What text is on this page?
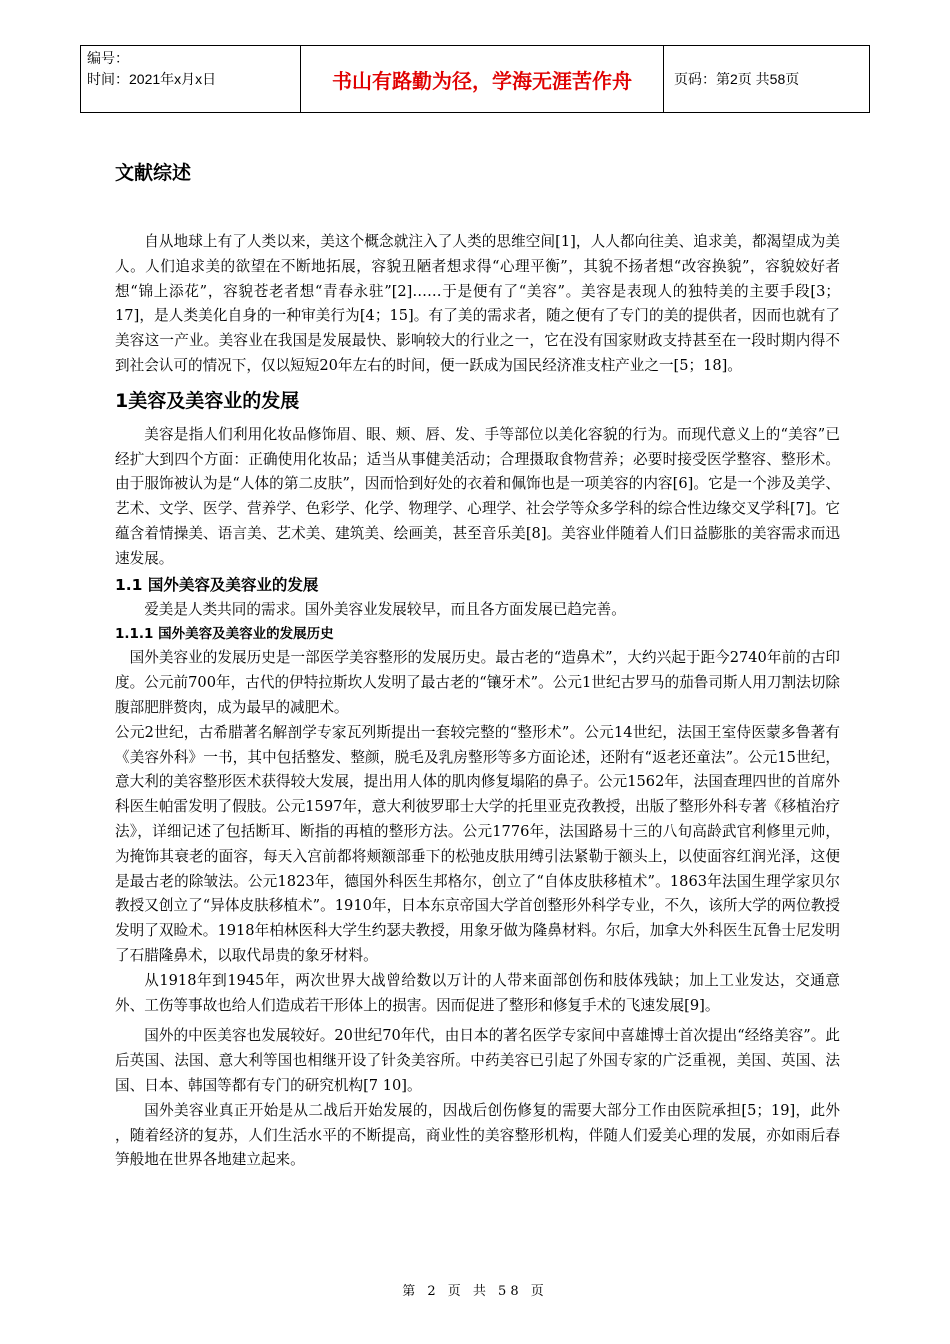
编号：
时间：2021年x月x日	书山有路勤为径，学海无涯苦作舟	页码：第2页 共58页
文献综述

自从地球上有了人类以来，美这个概念就注入了人类的思维空间[1]，人人都向往美、追求美，都渴望成为美人。人们追求美的欲望在不断地拓展，容貌丑陋者想求得“心理平衡”，其貌不扬者想“改容换貌”，容貌姣好者想“锦上添花”，容貌苍老者想“青春永驻”[2]……于是便有了“美容”。美容是表现人的独特美的主要手段[3；17]，是人类美化自身的一种审美行为[4；15]。有了美的需求者，随之便有了专门的美的提供者，因而也就有了美容这一产业。美容业在我国是发展最快、影响较大的行业之一，它在没有国家财政支持甚至在一段时期内得不到社会认可的情况下，仅以短短20年左右的时间，便一跃成为国民经济准支柱产业之一[5；18]。

1美容及美容业的发展

美容是指人们利用化妆品修饰眉、眼、颊、唇、发、手等部位以美化容貌的行为。而现代意义上的“美容”已经扩大到四个方面：正确使用化妆品；适当从事健美活动；合理摄取食物营养；必要时接受医学整容、整形术。由于服饰被认为是“人体的第二皮肤”，因而恰到好处的衣着和佩饰也是一项美容的内容[6]。它是一个涉及美学、艺术、文学、医学、营养学、色彩学、化学、物理学、心理学、社会学等众多学科的综合性边缘交叉学科[7]。它蕴含着情操美、语言美、艺术美、建筑美、绘画美，甚至音乐美[8]。美容业伴随着人们日益膨胀的美容需求而迅速发展。

1.1 国外美容及美容业的发展

爱美是人类共同的需求。国外美容业发展较早，而且各方面发展已趋完善。

1.1.1 国外美容及美容业的发展历史

国外美容业的发展历史是一部医学美容整形的发展历史。最古老的“造鼻术”，大约兴起于距今2740年前的古印度。公元前700年，古代的伊特拉斯坎人发明了最古老的“镶牙术”。公元1世纪古罗马的茄鲁司斯人用刀割法切除腹部肥胖赘肉，成为最早的减肥术。

公元2世纪，古希腊著名解剖学专家瓦列斯提出一套较完整的“整形术”。公元14世纪，法国王室侍医蒙多鲁著有《美容外科》一书，其中包括整发、整颜，脱毛及乳房整形等多方面论述，还附有“返老还童法”。公元15世纪，意大利的美容整形医术获得较大发展，提出用人体的肌肉修复塌陷的鼻子。公元1562年，法国查理四世的首席外科医生帕雷发明了假肢。公元1597年，意大利彼罗耶士大学的托里亚克孜教授，出版了整形外科专著《移植治疗法》，详细记述了包括断耳、断指的再植的整形方法。公元1776年，法国路易十三的八旬高龄武官利修里元帅，为掩饰其衰老的面容，每天入宫前都将颊额部垂下的松弛皮肤用缚引法紧勒于额头上，以使面容红润光泽，这便是最古老的除皱法。公元1823年，德国外科医生邦格尔，创立了“自体皮肤移植术”。1863年法国生理学家贝尔教授又创立了“异体皮肤移植术”。1910年，日本东京帝国大学首创整形外科学专业，不久，该所大学的两位教授发明了双睑术。1918年柏林医科大学生约瑟夫教授，用象牙做为隆鼻材料。尔后，加拿大外科医生瓦鲁士尼发明了石腊隆鼻术，以取代昂贵的象牙材料。

从1918年到1945年，两次世界大战曾给数以万计的人带来面部创伤和肢体残缺；加上工业发达，交通意外、工伤等事故也给人们造成若干形体上的损害。因而促进了整形和修复手术的飞速发展[9]。

国外的中医美容也发展较好。20世纪70年代，由日本的著名医学专家间中喜雄博士首次提出“经络美容”。此后英国、法国、意大利等国也相继开设了针灸美容所。中药美容已引起了外国专家的广泛重视，美国、英国、法国、日本、韩国等都有专门的研究机构[7 10]。

国外美容业真正开始是从二战后开始发展的，因战后创伤修复的需要大部分工作由医院承担[5；19]，此外 ，随着经济的复苏，人们生活水平的不断提高，商业性的美容整形机构，伴随人们爱美心理的发展，亦如雨后春笋般地在世界各地建立起来。

第 2 页 共 58 页
